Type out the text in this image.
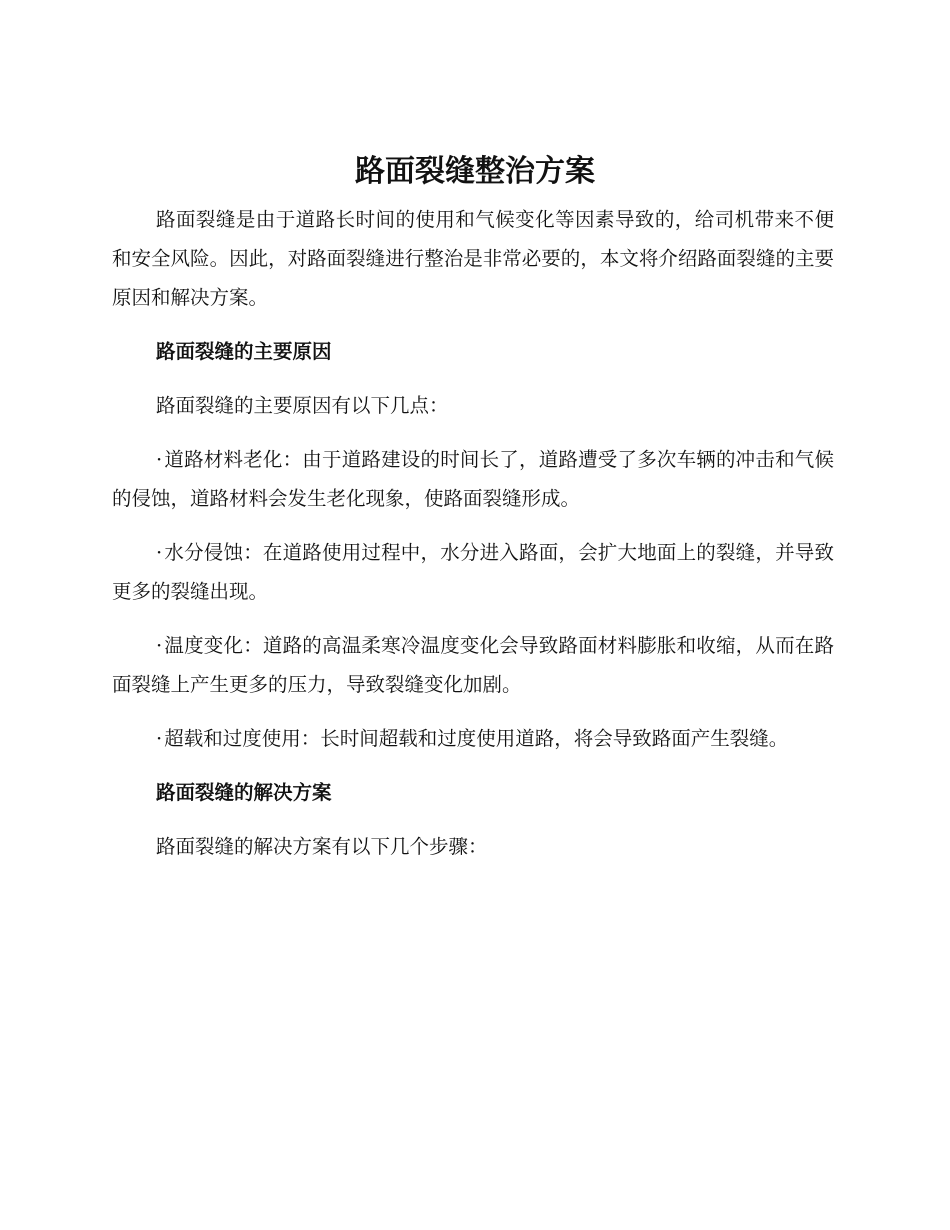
路面裂缝整治方案

路面裂缝是由于道路长时间的使用和气候变化等因素导致的，给司机带来不便和安全风险。因此，对路面裂缝进行整治是非常必要的，本文将介绍路面裂缝的主要原因和解决方案。

路面裂缝的主要原因

路面裂缝的主要原因有以下几点：

· 道路材料老化：由于道路建设的时间长了，道路遭受了多次车辆的冲击和气候的侵蚀，道路材料会发生老化现象，使路面裂缝形成。

· 水分侵蚀：在道路使用过程中，水分进入路面，会扩大地面上的裂缝，并导致更多的裂缝出现。

· 温度变化：道路的高温柔寒冷温度变化会导致路面材料膨胀和收缩，从而在路面裂缝上产生更多的压力，导致裂缝变化加剧。

· 超载和过度使用：长时间超载和过度使用道路，将会导致路面产生裂缝。

路面裂缝的解决方案

路面裂缝的解决方案有以下几个步骤：
